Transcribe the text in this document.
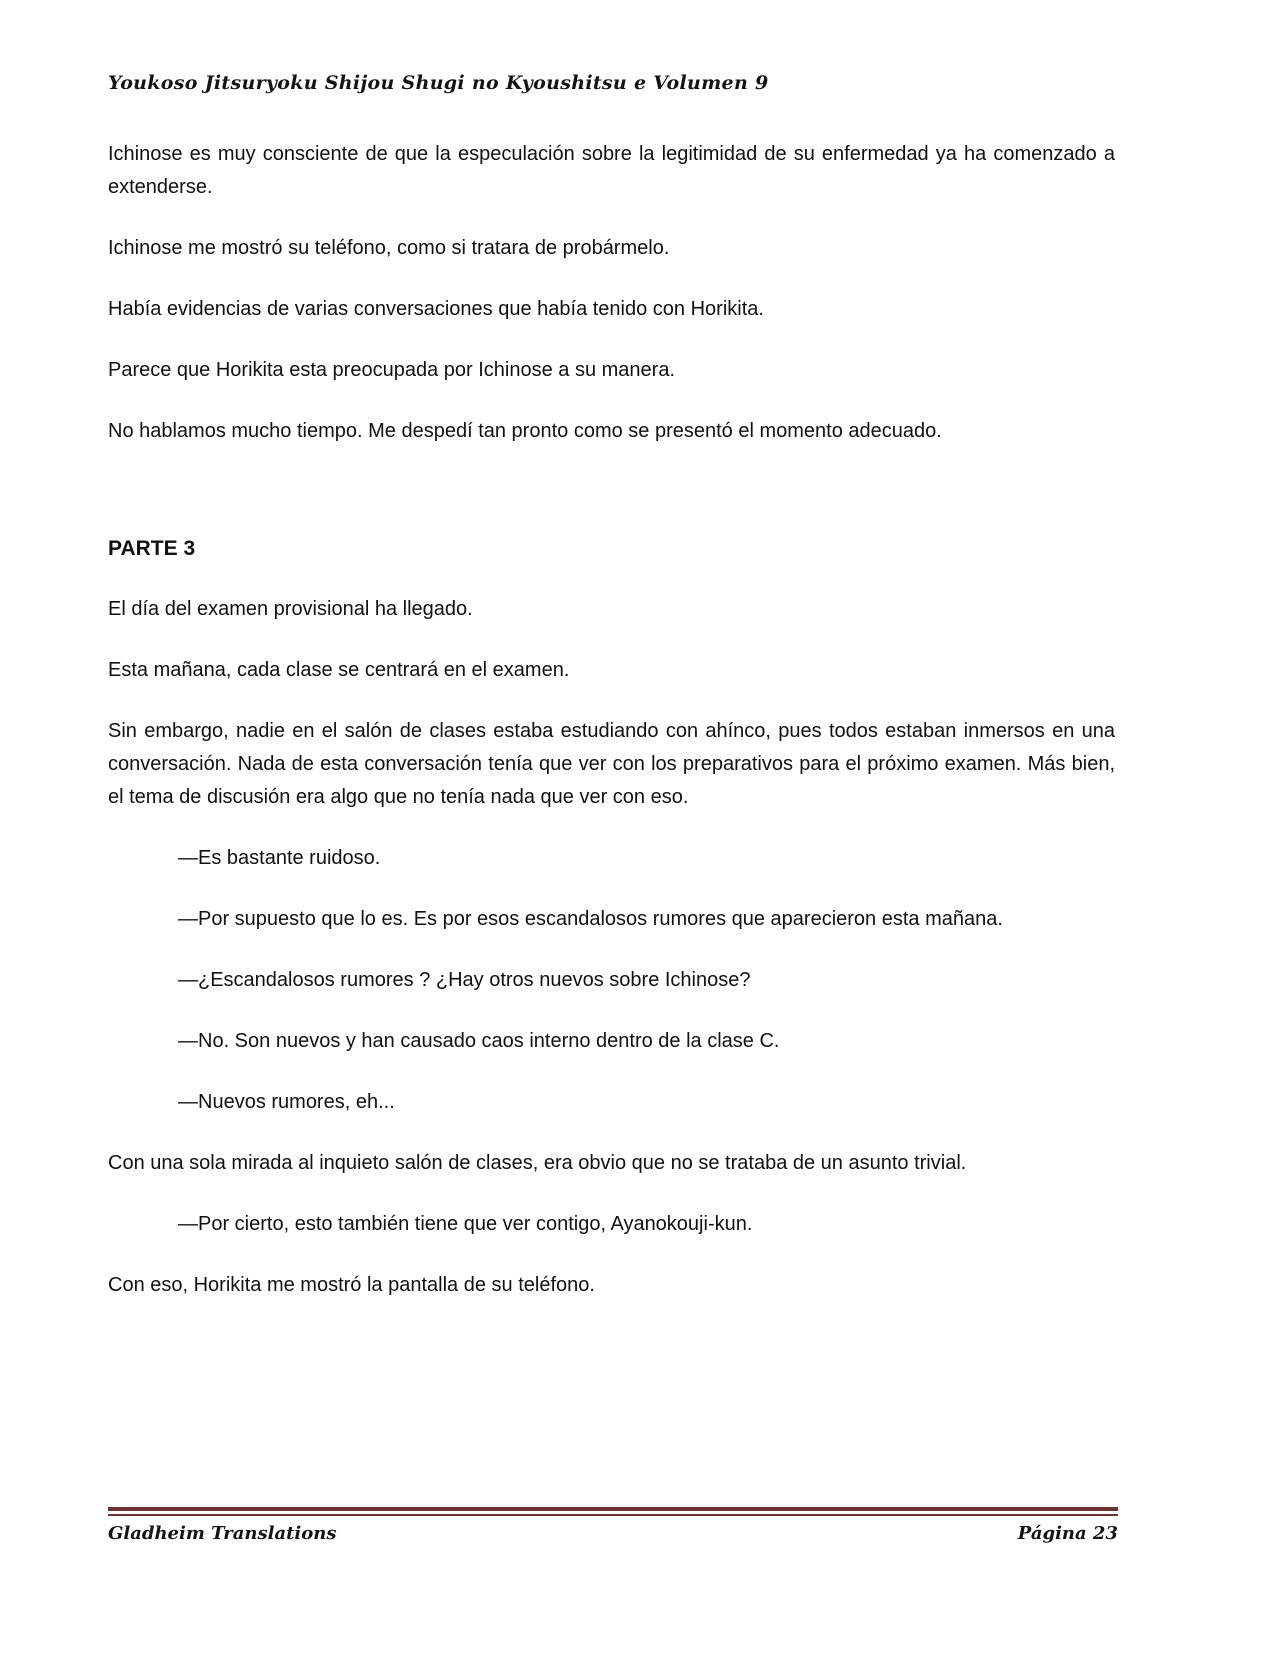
Youkoso Jitsuryoku Shijou Shugi no Kyoushitsu e Volumen 9

Ichinose es muy consciente de que la especulación sobre la legitimidad de su enfermedad ya ha comenzado a extenderse.

Ichinose me mostró su teléfono, como si tratara de probármelo.

Había evidencias de varias conversaciones que había tenido con Horikita.

Parece que Horikita esta preocupada por Ichinose a su manera.

No hablamos mucho tiempo. Me despedí tan pronto como se presentó el momento adecuado.

PARTE 3

El día del examen provisional ha llegado.

Esta mañana, cada clase se centrará en el examen.

Sin embargo, nadie en el salón de clases estaba estudiando con ahínco, pues todos estaban inmersos en una conversación. Nada de esta conversación tenía que ver con los preparativos para el próximo examen. Más bien, el tema de discusión era algo que no tenía nada que ver con eso.

—Es bastante ruidoso.

—Por supuesto que lo es. Es por esos escandalosos rumores que aparecieron esta mañana.

—¿Escandalosos rumores ? ¿Hay otros nuevos sobre Ichinose?

—No. Son nuevos y han causado caos interno dentro de la clase C.

—Nuevos rumores, eh...

Con una sola mirada al inquieto salón de clases, era obvio que no se trataba de un asunto trivial.

—Por cierto, esto también tiene que ver contigo, Ayanokouji-kun.

Con eso, Horikita me mostró la pantalla de su teléfono.

Gladheim Translations	Página 23
